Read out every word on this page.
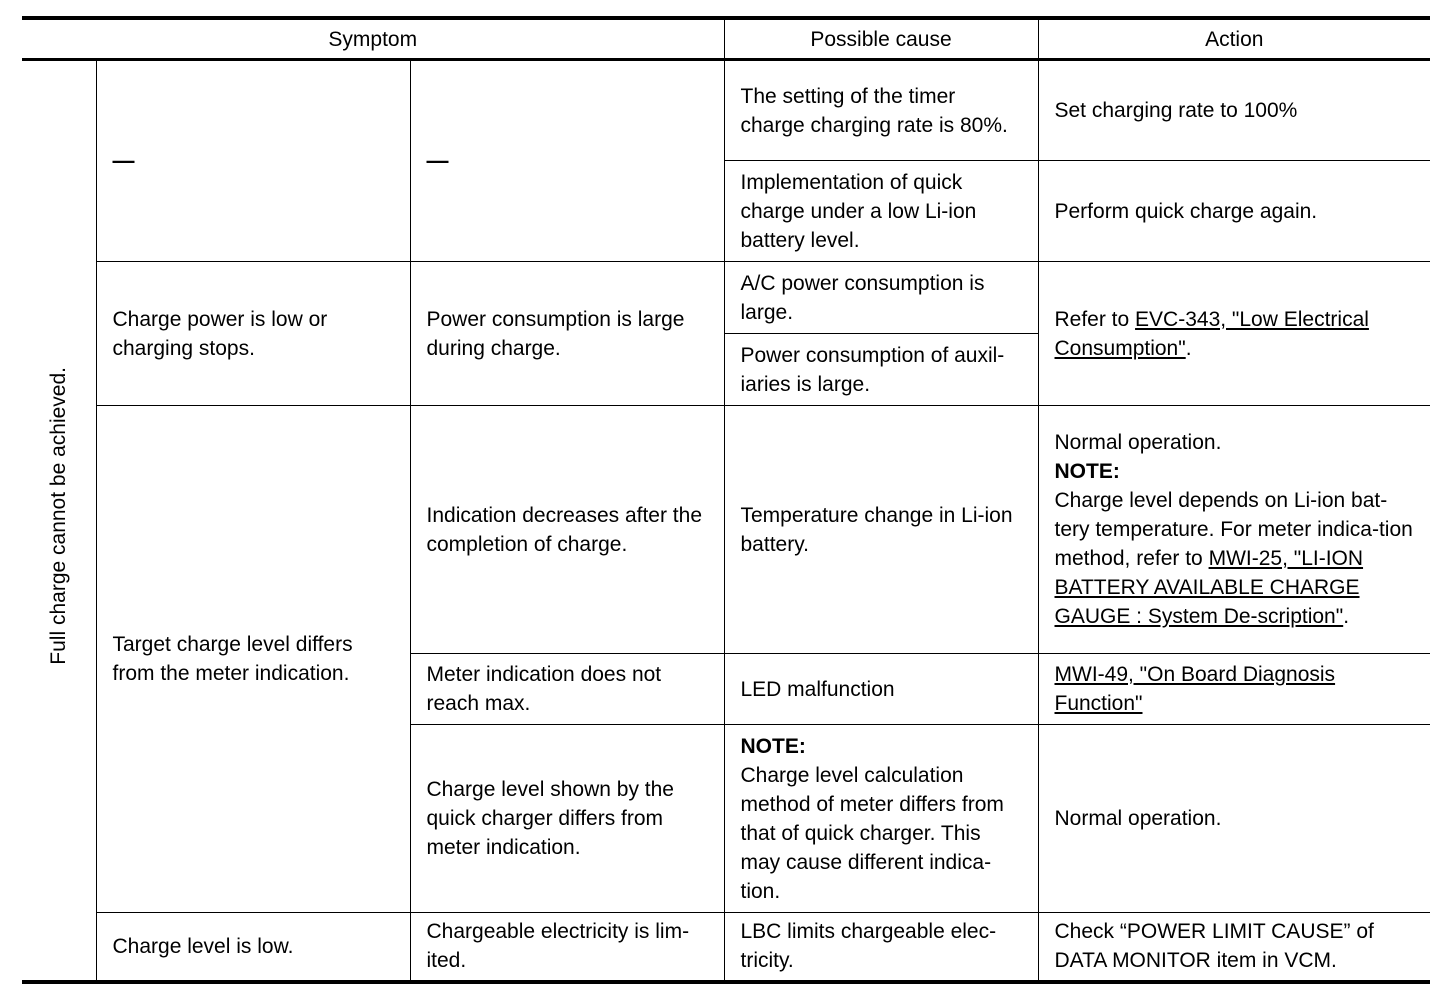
Symptom			Possible cause	Action
Full charge cannot be achieved.	—	—	The setting of the timer charge charging rate is 80%.	Set charging rate to 100%
			Implementation of quick charge under a low Li-ion battery level.	Perform quick charge again.
	Charge power is low or charging stops.	Power consumption is large during charge.	A/C power consumption is large.	Refer to EVC-343, "Low Electrical Consumption".
			Power consumption of auxil-iaries is large.	
	Target charge level differs from the meter indication.	Indication decreases after the completion of charge.	Temperature change in Li-ion battery.	Normal operation.
NOTE:
Charge level depends on Li-ion bat-tery temperature. For meter indica-tion method, refer to MWI-25, "LI-ION BATTERY AVAILABLE CHARGE GAUGE : System De-scription".
		Meter indication does not reach max.	LED malfunction	MWI-49, "On Board Diagnosis Function"
		Charge level shown by the quick charger differs from meter indication.	NOTE:
Charge level calculation method of meter differs from that of quick charger. This may cause different indica-tion.	Normal operation.
	Charge level is low.	Chargeable electricity is lim-ited.	LBC limits chargeable elec-tricity.	Check “POWER LIMIT CAUSE” of DATA MONITOR item in VCM.
